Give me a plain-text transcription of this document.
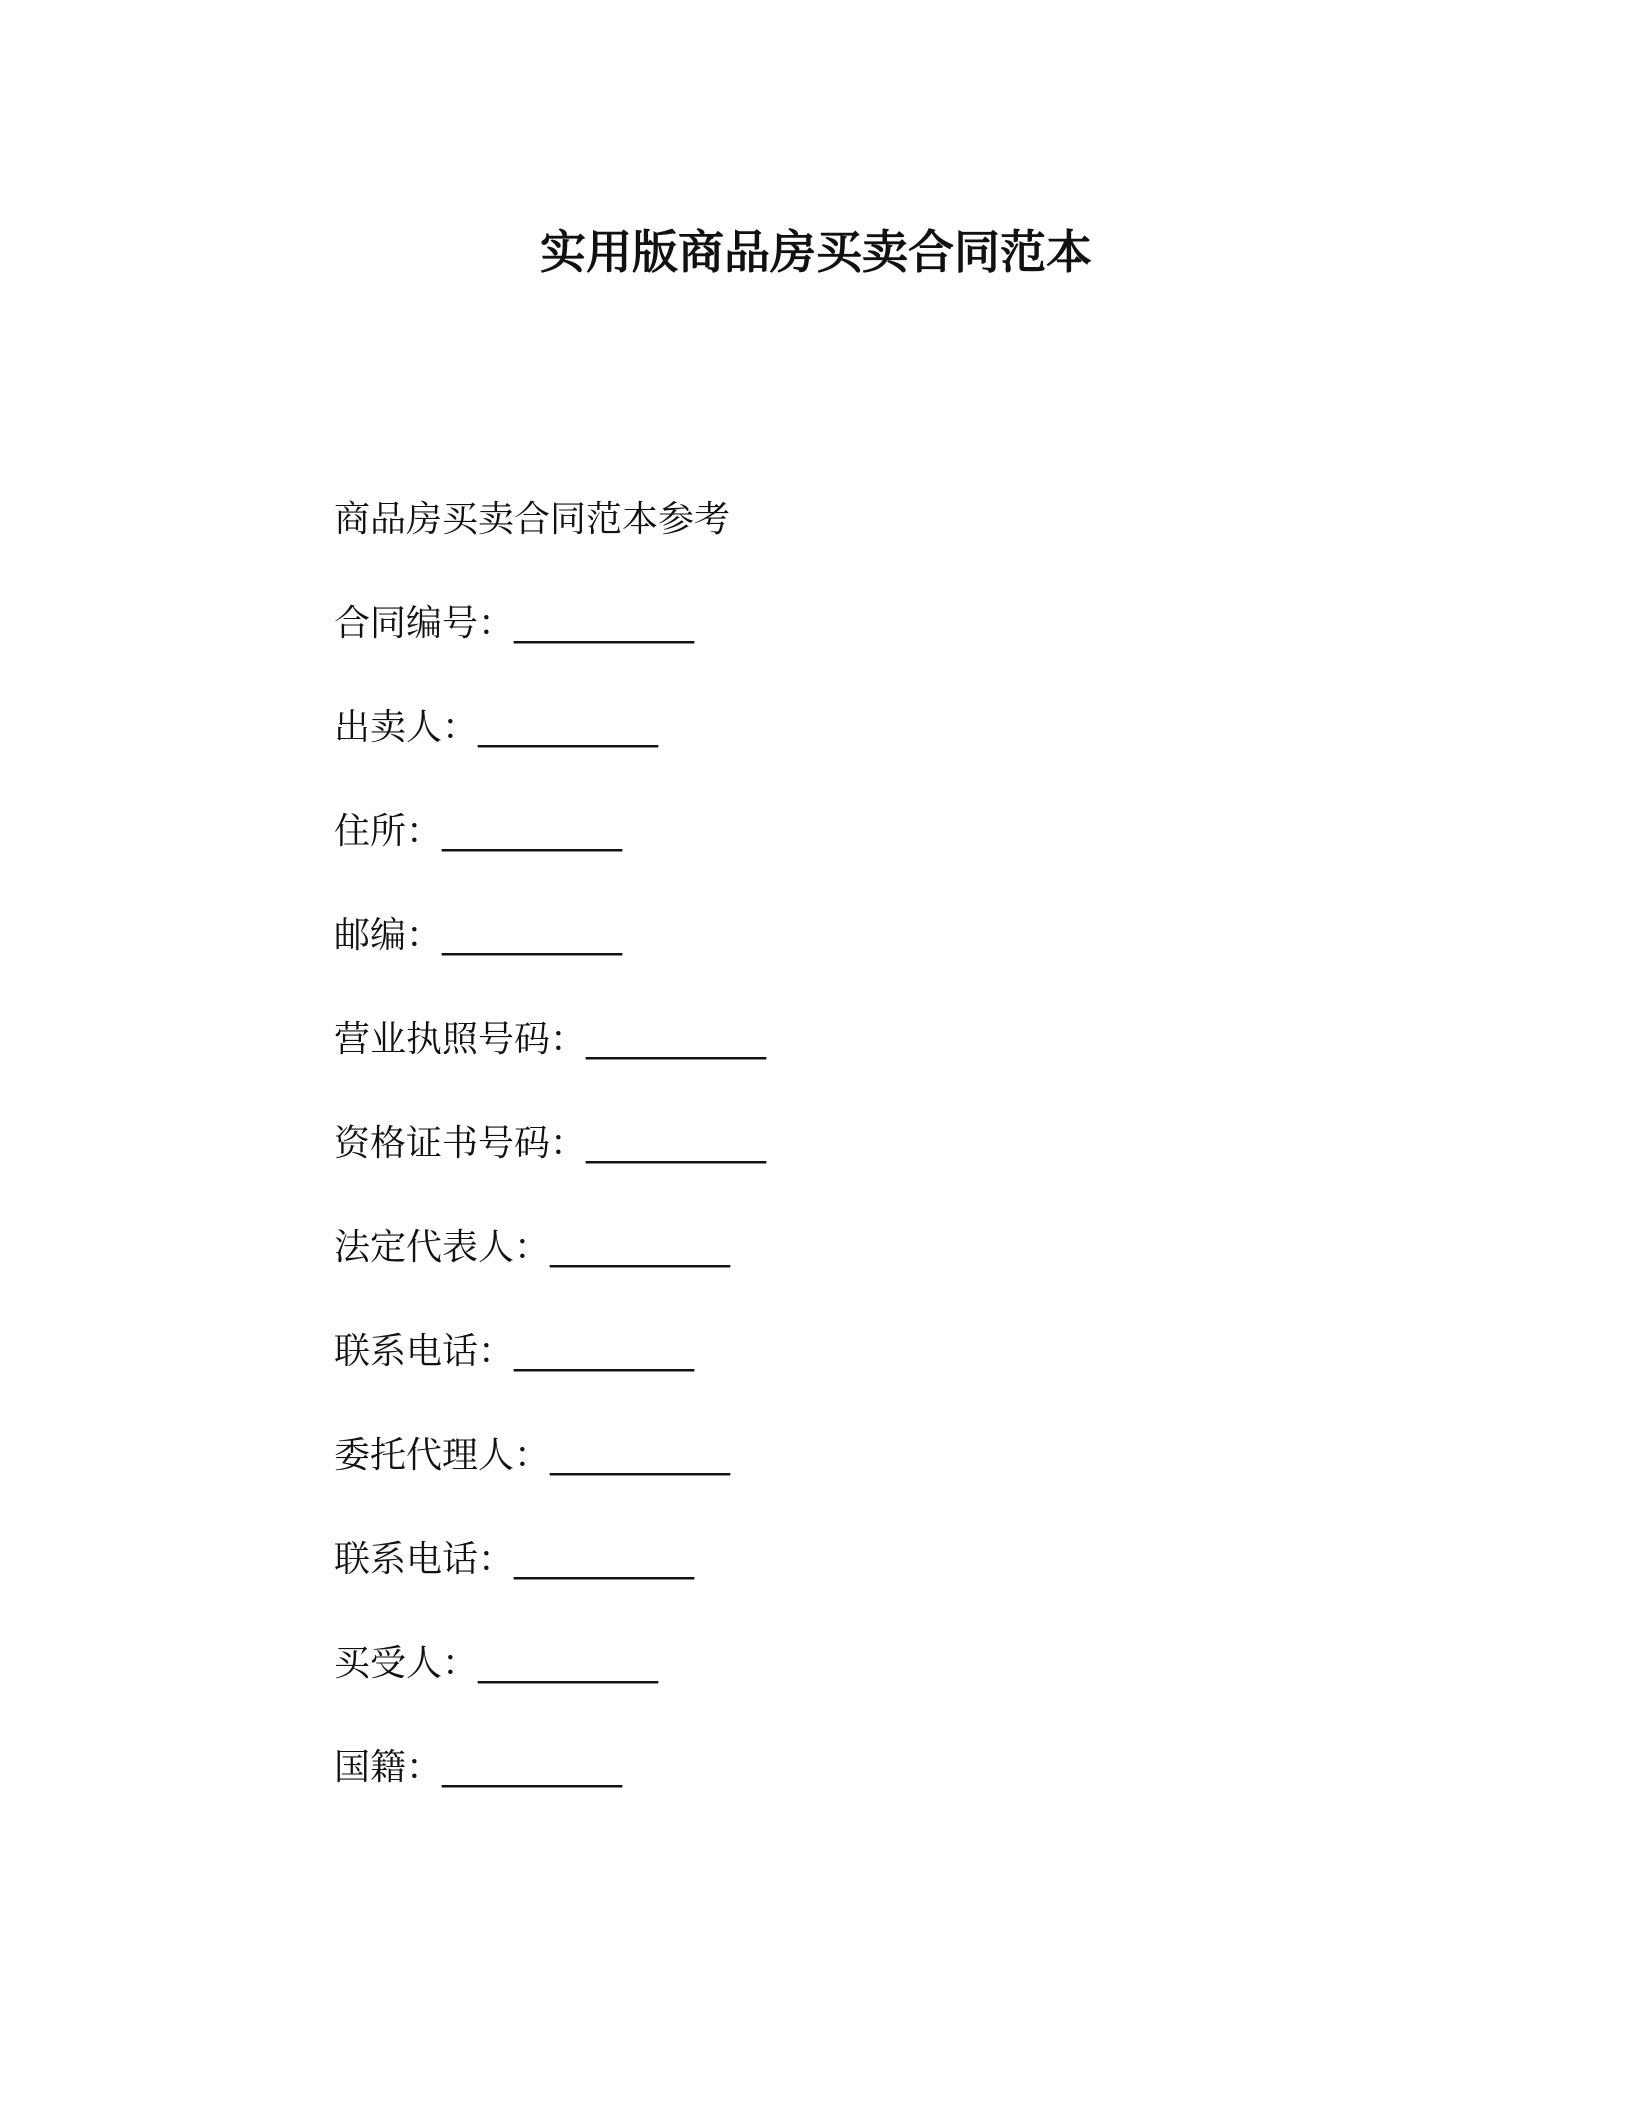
实用版商品房买卖合同范本
商品房买卖合同范本参考
合同编号：__________
出卖人：__________
住所：__________
邮编：__________
营业执照号码：__________
资格证书号码：__________
法定代表人：__________
联系电话：__________
委托代理人：__________
联系电话：__________
买受人：__________
国籍：__________
